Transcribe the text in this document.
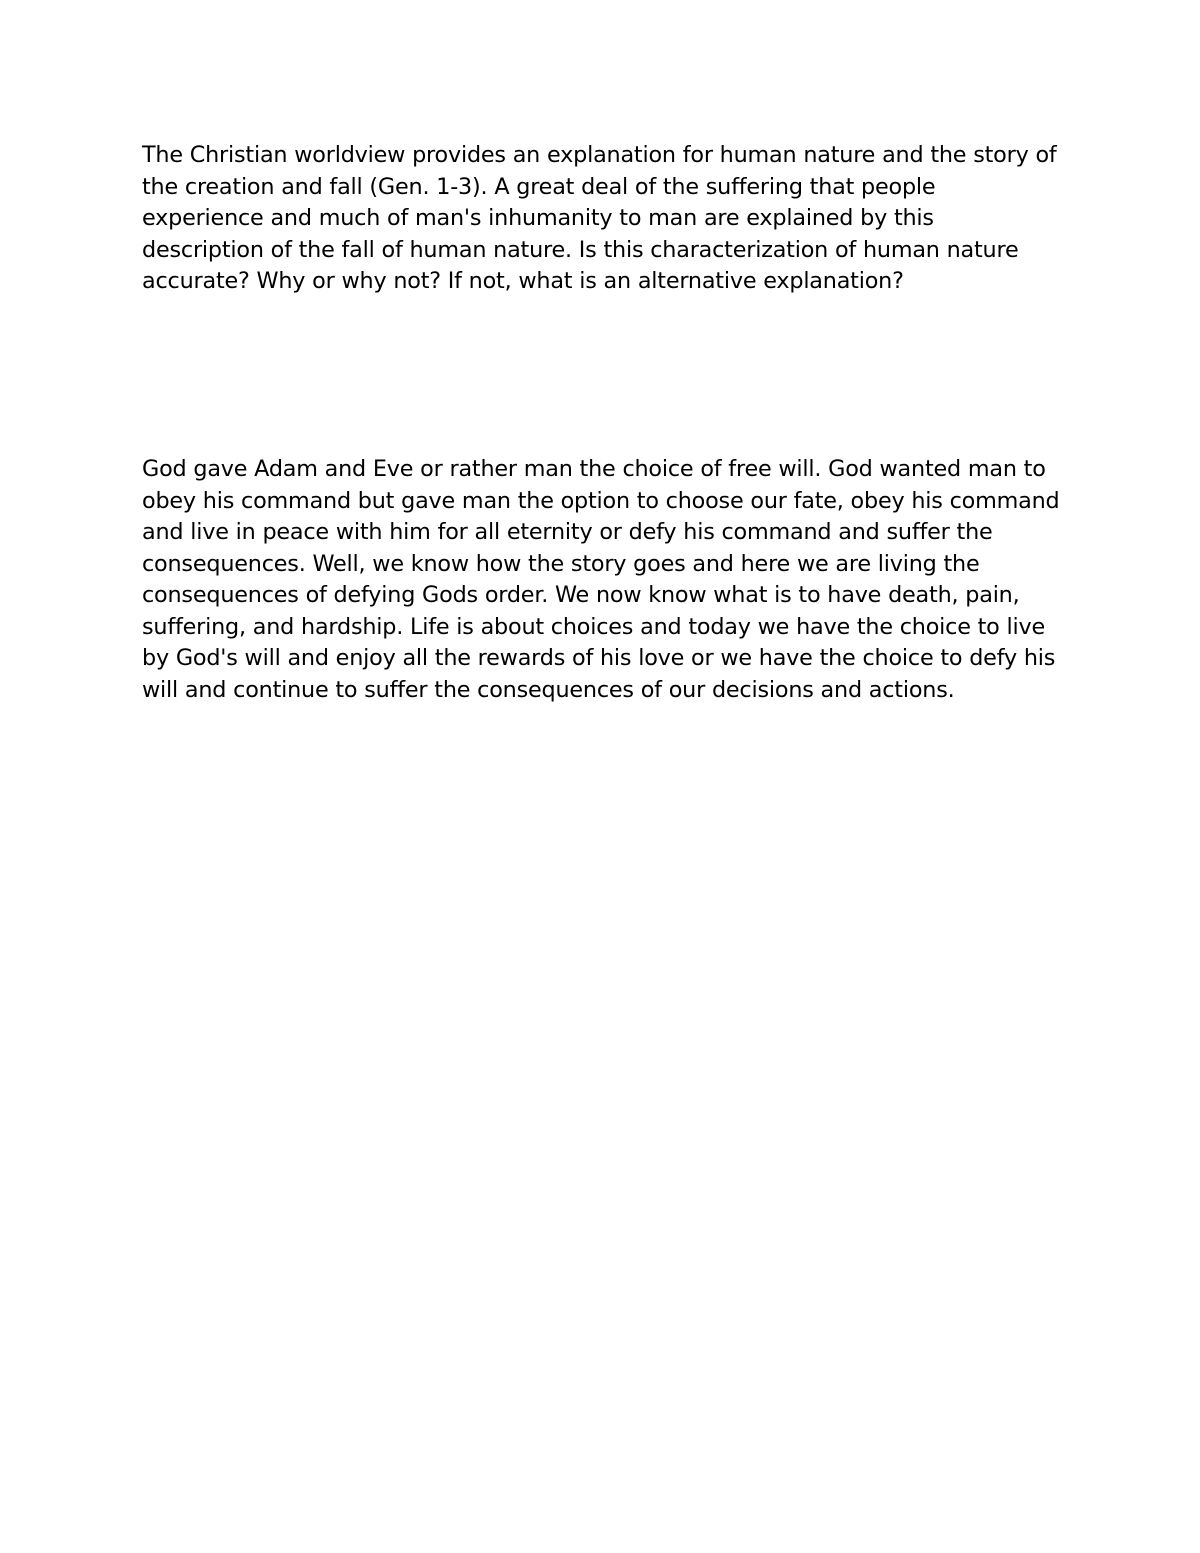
The Christian worldview provides an explanation for human nature and the story of the creation and fall (Gen. 1-3). A great deal of the suffering that people experience and much of man's inhumanity to man are explained by this description of the fall of human nature. Is this characterization of human nature accurate? Why or why not? If not, what is an alternative explanation?

God gave Adam and Eve or rather man the choice of free will. God wanted man to obey his command but gave man the option to choose our fate, obey his command and live in peace with him for all eternity or defy his command and suffer the consequences. Well, we know how the story goes and here we are living the consequences of defying Gods order. We now know what is to have death, pain, suffering, and hardship. Life is about choices and today we have the choice to live by God's will and enjoy all the rewards of his love or we have the choice to defy his will and continue to suffer the consequences of our decisions and actions.
